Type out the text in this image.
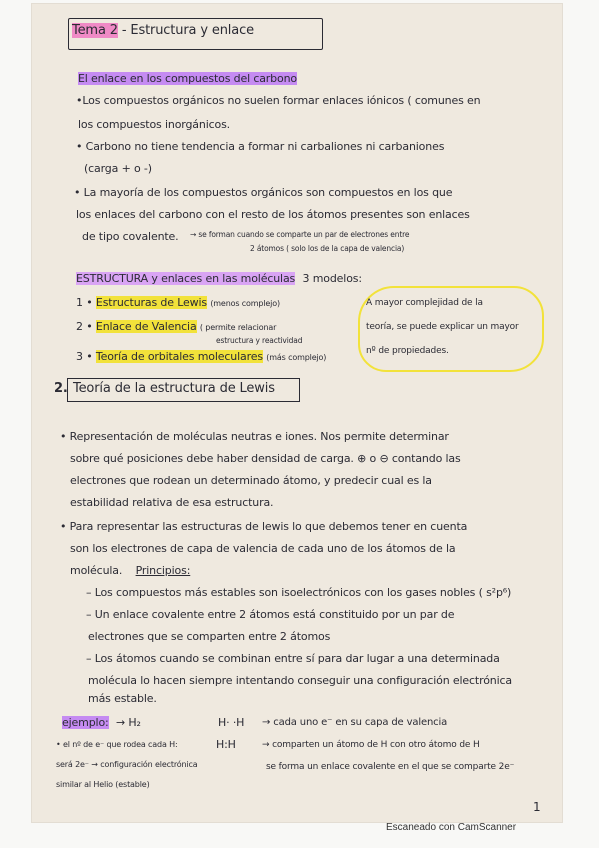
Tema 2 - Estructura y enlace
El enlace en los compuestos del carbono
•Los compuestos orgánicos no suelen formar enlaces iónicos ( comunes en
los compuestos inorgánicos.
• Carbono no tiene tendencia a formar ni carbaliones ni carbaniones
(carga + o -)
• La mayoría de los compuestos orgánicos son compuestos en los que
los enlaces del carbono con el resto de los átomos presentes son enlaces
de tipo covalente. → se forman cuando se comparte un par de electrones entre
2 átomos ( solo los de la capa de valencia)
ESTRUCTURA y enlaces en las moléculas 3 modelos:
1 • Estructuras de Lewis (menos complejo)
2 • Enlace de Valencia ( permite relacionar
estructura y reactividad
3 • Teoría de orbitales moleculares (más complejo)
A mayor complejidad de la
teoría, se puede explicar un mayor
nº de propiedades.
2. Teoría de la estructura de Lewis
• Representación de moléculas neutras e iones. Nos permite determinar
sobre qué posiciones debe haber densidad de carga. ⊕ o ⊖ contando las
electrones que rodean un determinado átomo, y predecir cual es la
estabilidad relativa de esa estructura.
• Para representar las estructuras de lewis lo que debemos tener en cuenta
son los electrones de capa de valencia de cada uno de los átomos de la
molécula. Principios:
– Los compuestos más estables son isoelectrónicos con los gases nobles ( s²p⁶)
– Un enlace covalente entre 2 átomos está constituido por un par de
electrones que se comparten entre 2 átomos
– Los átomos cuando se combinan entre sí para dar lugar a una determinada
molécula lo hacen siempre intentando conseguir una configuración electrónica
más estable.
ejemplo: → H₂
• el nº de e⁻ que rodea cada H:
será 2e⁻ → configuración electrónica
similar al Helio (estable)
H· ·H
H:H
→ cada uno e⁻ en su capa de valencia
→ comparten un átomo de H con otro átomo de H
se forma un enlace covalente en el que se comparte 2e⁻
1
Escaneado con CamScanner
